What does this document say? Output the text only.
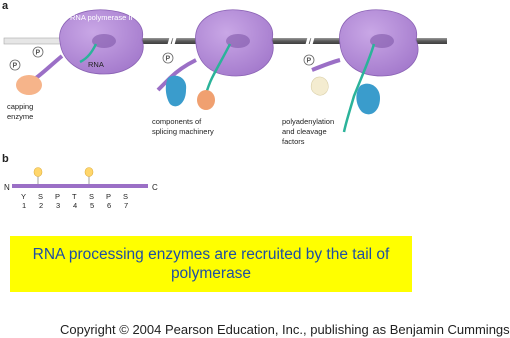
a
b
RNA polymerase II
RNA
P
P
capping
enzyme
P
components of
splicing machinery
P
polyadenylation
and cleavage
factors
N	C
Y
1
S
2
P
3
T
4
S
5
P
6
S
7
RNA processing enzymes are recruited by the tail of polymerase
Copyright © 2004 Pearson Education, Inc., publishing as Benjamin Cummings
